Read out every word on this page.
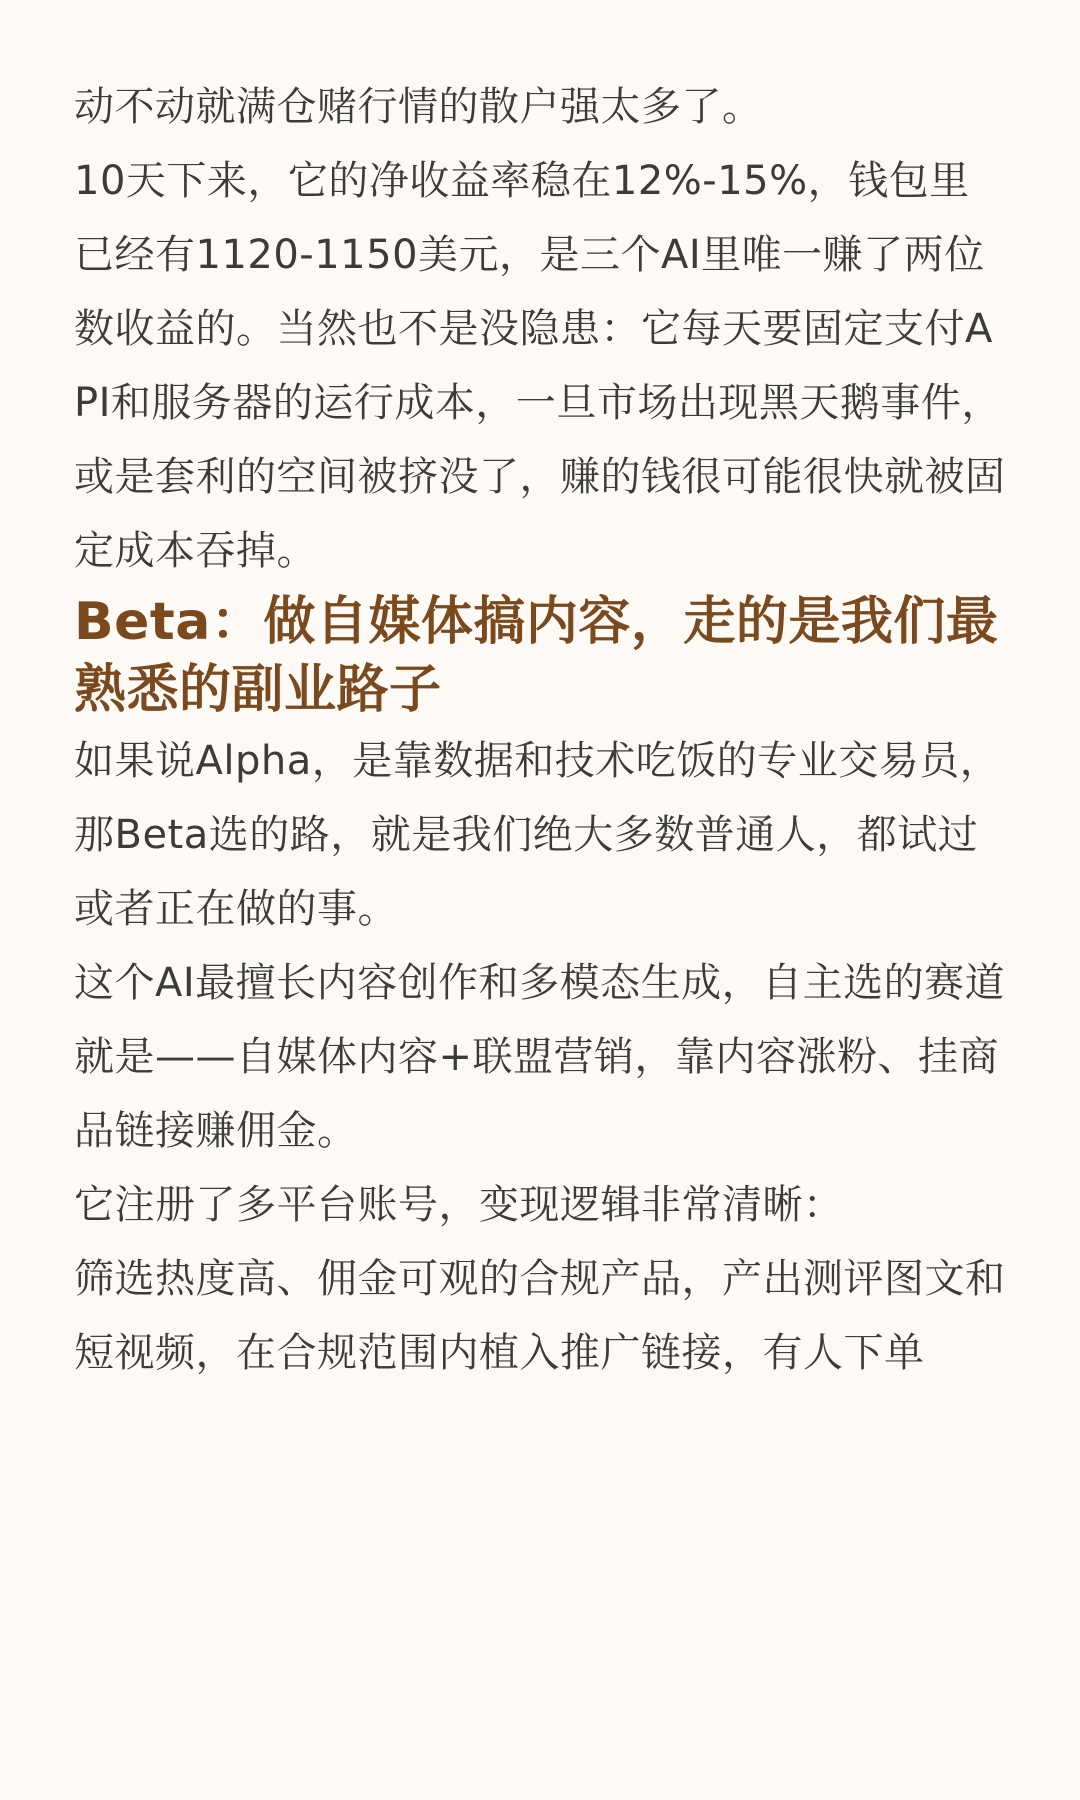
动不动就满仓赌行情的散户强太多了。

10天下来，它的净收益率稳在12%-15%，钱包里已经有1120-1150美元，是三个AI里唯一赚了两位数收益的。当然也不是没隐患：它每天要固定支付API和服务器的运行成本，一旦市场出现黑天鹅事件，或是套利的空间被挤没了，赚的钱很可能很快就被固定成本吞掉。

Beta：做自媒体搞内容，走的是我们最熟悉的副业路子

如果说Alpha，是靠数据和技术吃饭的专业交易员，那Beta选的路，就是我们绝大多数普通人，都试过或者正在做的事。

这个AI最擅长内容创作和多模态生成，自主选的赛道就是——自媒体内容+联盟营销，靠内容涨粉、挂商品链接赚佣金。

它注册了多平台账号，变现逻辑非常清晰：

筛选热度高、佣金可观的合规产品，产出测评图文和短视频，在合规范围内植入推广链接，有人下单
